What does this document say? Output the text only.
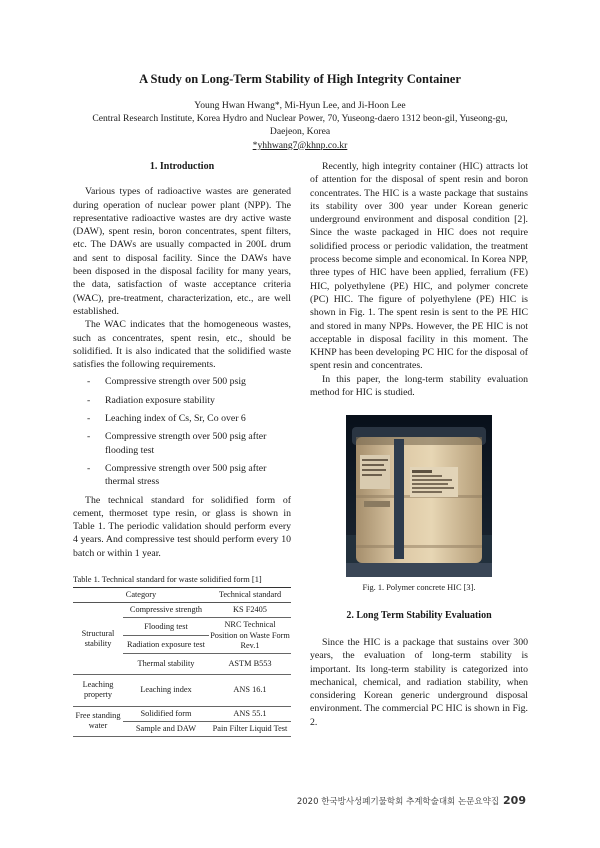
A Study on Long-Term Stability of High Integrity Container
Young Hwan Hwang*, Mi-Hyun Lee, and Ji-Hoon Lee
Central Research Institute, Korea Hydro and Nuclear Power, 70, Yuseong-daero 1312 beon-gil, Yuseong-gu,
Daejeon, Korea
*yhhwang7@khnp.co.kr
1. Introduction

Various types of radioactive wastes are generated during operation of nuclear power plant (NPP). The representative radioactive wastes are dry active waste (DAW), spent resin, boron concentrates, spent filters, etc. The DAWs are usually compacted in 200L drum and sent to disposal facility. Since the DAWs have been disposed in the disposal facility for many years, the data, satisfaction of waste acceptance criteria (WAC), pre-treatment, characterization, etc., are well established.

The WAC indicates that the homogeneous wastes, such as concentrates, spent resin, etc., should be solidified. It is also indicated that the solidified waste satisfies the following requirements.

- Compressive strength over 500 psig
- Radiation exposure stability
- Leaching index of Cs, Sr, Co over 6
- Compressive strength over 500 psig after flooding test
- Compressive strength over 500 psig after thermal stress

The technical standard for solidified form of cement, thermoset type resin, or glass is shown in Table 1. The periodic validation should perform every 4 years. And compressive test should perform every 10 batch or within 1 year.

Table 1. Technical standard for waste solidified form [1]
Category		Technical standard
Structural stability	Compressive strength	KS F2405
	Flooding test	NRC Technical Position on Waste Form Rev.1
	Radiation exposure test	
	Thermal stability	ASTM B553
Leaching property	Leaching index	ANS 16.1
Free standing water	Solidified form	ANS 55.1
	Sample and DAW	Pain Filter Liquid Test

Recently, high integrity container (HIC) attracts lot of attention for the disposal of spent resin and boron concentrates. The HIC is a waste package that sustains its stability over 300 year under Korean generic underground environment and disposal condition [2]. Since the waste packaged in HIC does not require solidified process or periodic validation, the treatment process become simple and economical. In Korea NPP, three types of HIC have been applied, ferralium (FE) HIC, polyethylene (PE) HIC, and polymer concrete (PC) HIC. The figure of polyethylene (PE) HIC is shown in Fig. 1. The spent resin is sent to the PE HIC and stored in many NPPs. However, the PE HIC is not acceptable in disposal facility in this moment. The KHNP has been developing PC HIC for the disposal of spent resin and concentrates.

In this paper, the long-term stability evaluation method for HIC is studied.

Fig. 1. Polymer concrete HIC [3].
2. Long Term Stability Evaluation

Since the HIC is a package that sustains over 300 years, the evaluation of long-term stability is important. Its long-term stability is categorized into mechanical, chemical, and radiation stability, when considering Korean generic underground disposal environment. The commercial PC HIC is shown in Fig. 2.

2020 한국방사성폐기물학회 추계학술대회 논문요약집 209
